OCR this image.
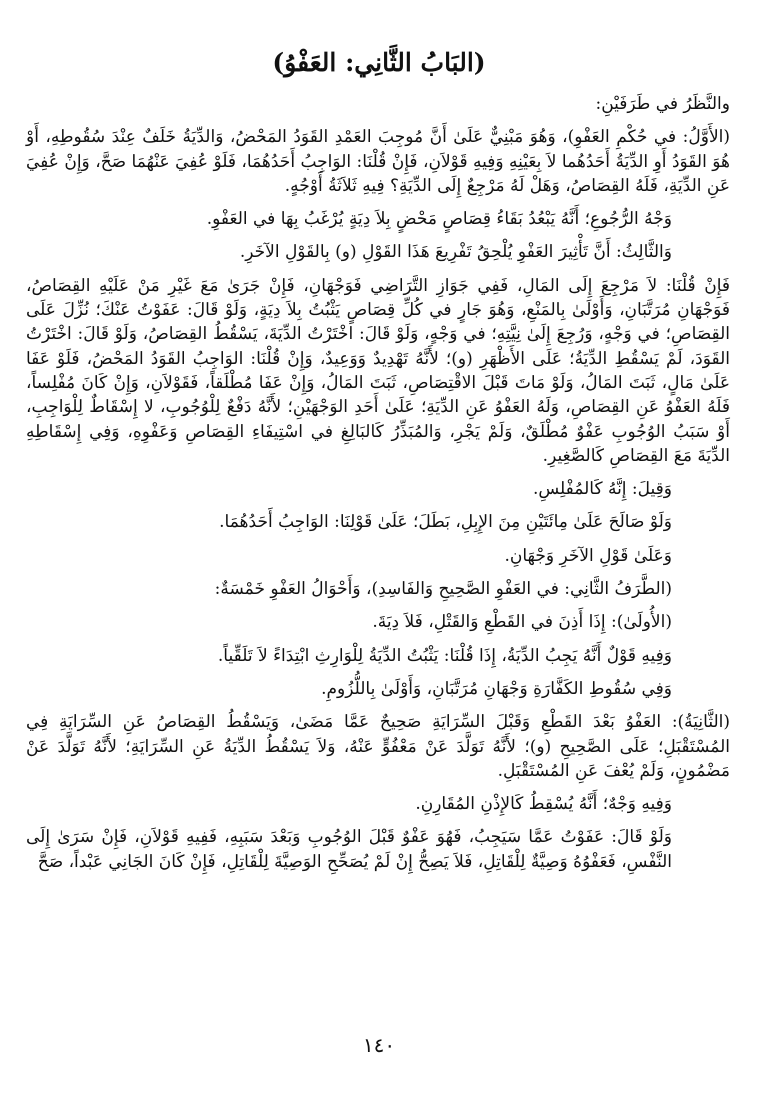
(البَابُ الثَّانِي: العَفْوُ)

والنَّظَرُ في طَرَفَيْنِ:

(الأَوَّلُ: في حُكْمِ العَفْوِ)، وَهُوَ مَبْنِيٌّ عَلَىٰ أَنَّ مُوجِبَ العَمْدِ القَوَدُ المَحْضُ، وَالدِّيَةُ خَلَفٌ عِنْدَ سُقُوطِهِ، أَوْ هُوَ القَوَدُ أَوِ الدِّيَةُ أَحَدُهُما لاَ بِعَيْنِهِ وَفِيهِ قَوْلاَنِ، فَإِنْ قُلْنَا: الوَاجِبُ أَحَدُهُمَا، فَلَوْ عُفِيَ عَنْهُمَا صَحَّ، وَإِنْ عُفِيَ عَنِ الدِّيَةِ، فَلَهُ القِصَاصُ، وَهَلْ لَهُ مَرْجِعٌ إِلَى الدِّيَةِ؟ فِيهِ ثَلاَثَةُ أَوْجُهٍ.

وَجْهُ الرُّجُوعِ؛ أَنَّهُ يَبْعُدُ بَقَاءُ قِصَاصٍ مَحْضٍ بِلاَ دِيَةٍ يُرْغَبُ بِهَا في العَفْوِ.

وَالثَّالِثُ: أَنَّ تَأْثِيرَ العَفْوِ يُلْحِقُ تَفْرِيعَ هَذَا القَوْلِ (و) بِالقَوْلِ الآخَرِ.

فَإِنْ قُلْنَا: لاَ مَرْجِعَ إِلَى المَالِ، فَفِي جَوَازِ التَّرَاضِي فَوَجْهَانِ، فَإِنْ جَرَىٰ مَعَ غَيْرِ مَنْ عَلَيْهِ القِصَاصُ، فَوَجْهَانِ مُرَتَّبَانِ، وَأَوْلَىٰ بِالمَنْعِ، وَهُوَ جَارٍ في كُلِّ قِصَاصٍ يَثْبُتُ بِلاَ دِيَةٍ، وَلَوْ قَالَ: عَفَوْتُ عَنْكَ؛ نُزِّلَ عَلَى القِصَاصِ؛ في وَجْهٍ، وَرُجِعَ إِلَىٰ نِيَّتِهِ؛ في وَجْهٍ، وَلَوْ قَالَ: اخْتَرْتُ الدِّيَةَ، يَسْقُطُ القِصَاصُ، وَلَوْ قَالَ: اخْتَرْتُ القَوَدَ، لَمْ يَسْقُطِ الدِّيَةُ؛ عَلَى الأَظْهَرِ (و)؛ لأَنَّهُ تَهْدِيدٌ وَوَعِيدٌ، وَإِنْ قُلْنَا: الوَاجِبُ القَوَدُ المَحْضُ، فَلَوْ عَفَا عَلَىٰ مَالٍ، ثَبَتَ المَالُ، وَلَوْ مَاتَ قَبْلَ الاقْتِصَاصِ، ثَبَتَ المَالُ، وَإِنْ عَفَا مُطْلَقاً، فَقَوْلاَنِ، وَإِنْ كَانَ مُفْلِساً، فَلَهُ العَفْوُ عَنِ القِصَاصِ، وَلَهُ العَفْوُ عَنِ الدِّيَةِ؛ عَلَىٰ أَحَدِ الوَجْهَيْنِ؛ لأَنَّهُ دَفْعٌ لِلْوُجُوبِ، لا إِسْقَاطٌ لِلْوَاجِبِ، أَوْ سَبَبُ الوُجُوبِ عَفْوٌ مُطْلَقٌ، وَلَمْ يَجْرِ، وَالمُبَذِّرُ كَالبَالِغِ في اسْتِيفَاءِ القِصَاصِ وَعَفْوِهِ، وَفِي إِسْقَاطِهِ الدِّيَةَ مَعَ القِصَاصِ كَالصَّغِيرِ.

وَقِيلَ: إِنَّهُ كَالمُفْلِسِ.

وَلَوْ صَالَحَ عَلَىٰ مِائَتَيْنِ مِنَ الإِبِلِ، بَطَلَ؛ عَلَىٰ قَوْلِنَا: الوَاجِبُ أَحَدُهُمَا.

وَعَلَىٰ قَوْلِ الآخَرِ وَجْهَانِ.

(الطَّرَفُ الثَّانِي: في العَفْوِ الصَّحِيحِ وَالفَاسِدِ)، وَأَحْوَالُ العَفْوِ خَمْسَةٌ:

(الأُولَىٰ): إِذَا أَذِنَ في القَطْعِ وَالقَتْلِ، فَلاَ دِيَةَ.

وَفِيهِ قَوْلٌ أَنَّهُ يَجِبُ الدِّيَةُ، إِذَا قُلْنَا: يَثْبُتُ الدِّيَةُ لِلْوَارِثِ ابْتِدَاءً لاَ تَلَقِّياً.

وَفِي سُقُوطِ الكَفَّارَةِ وَجْهَانِ مُرَتَّبَانِ، وَأَوْلَىٰ بِاللُّزُومِ.

(الثَّانِيَةُ): العَفْوُ بَعْدَ القَطْعِ وَقَبْلَ السِّرَايَةِ صَحِيحٌ عَمَّا مَضَىٰ، وَيَسْقُطُ القِصَاصُ عَنِ السِّرَايَةِ فِي المُسْتَقْبَلِ؛ عَلَى الصَّحِيحِ (و)؛ لأَنَّهُ تَوَلَّدَ عَنْ مَعْفُوٍّ عَنْهُ، وَلاَ يَسْقُطُ الدِّيَةُ عَنِ السِّرَايَةِ؛ لأَنَّهُ تَوَلَّدَ عَنْ مَضْمُونٍ، وَلَمْ يُعْفَ عَنِ المُسْتَقْبَلِ.

وَفِيهِ وَجْهٌ؛ أَنَّهُ يُسْقِطُ كَالإِذْنِ المُقَارِنِ.

وَلَوْ قَالَ: عَفَوْتُ عَمَّا سَيَجِبُ، فَهُوَ عَفْوٌ قَبْلَ الوُجُوبِ وَبَعْدَ سَبَبِهِ، فَفِيهِ قَوْلاَنِ، فَإِنْ سَرَىٰ إِلَى النَّفْسِ، فَعَفْوُهُ وَصِيَّةٌ لِلْقَاتِلِ، فَلاَ يَصِحُّ إِنْ لَمْ يُصَحِّحِ الوَصِيَّةَ لِلْقَاتِلِ، فَإِنْ كَانَ الجَانِي عَبْداً، صَحَّ

١٤٠
